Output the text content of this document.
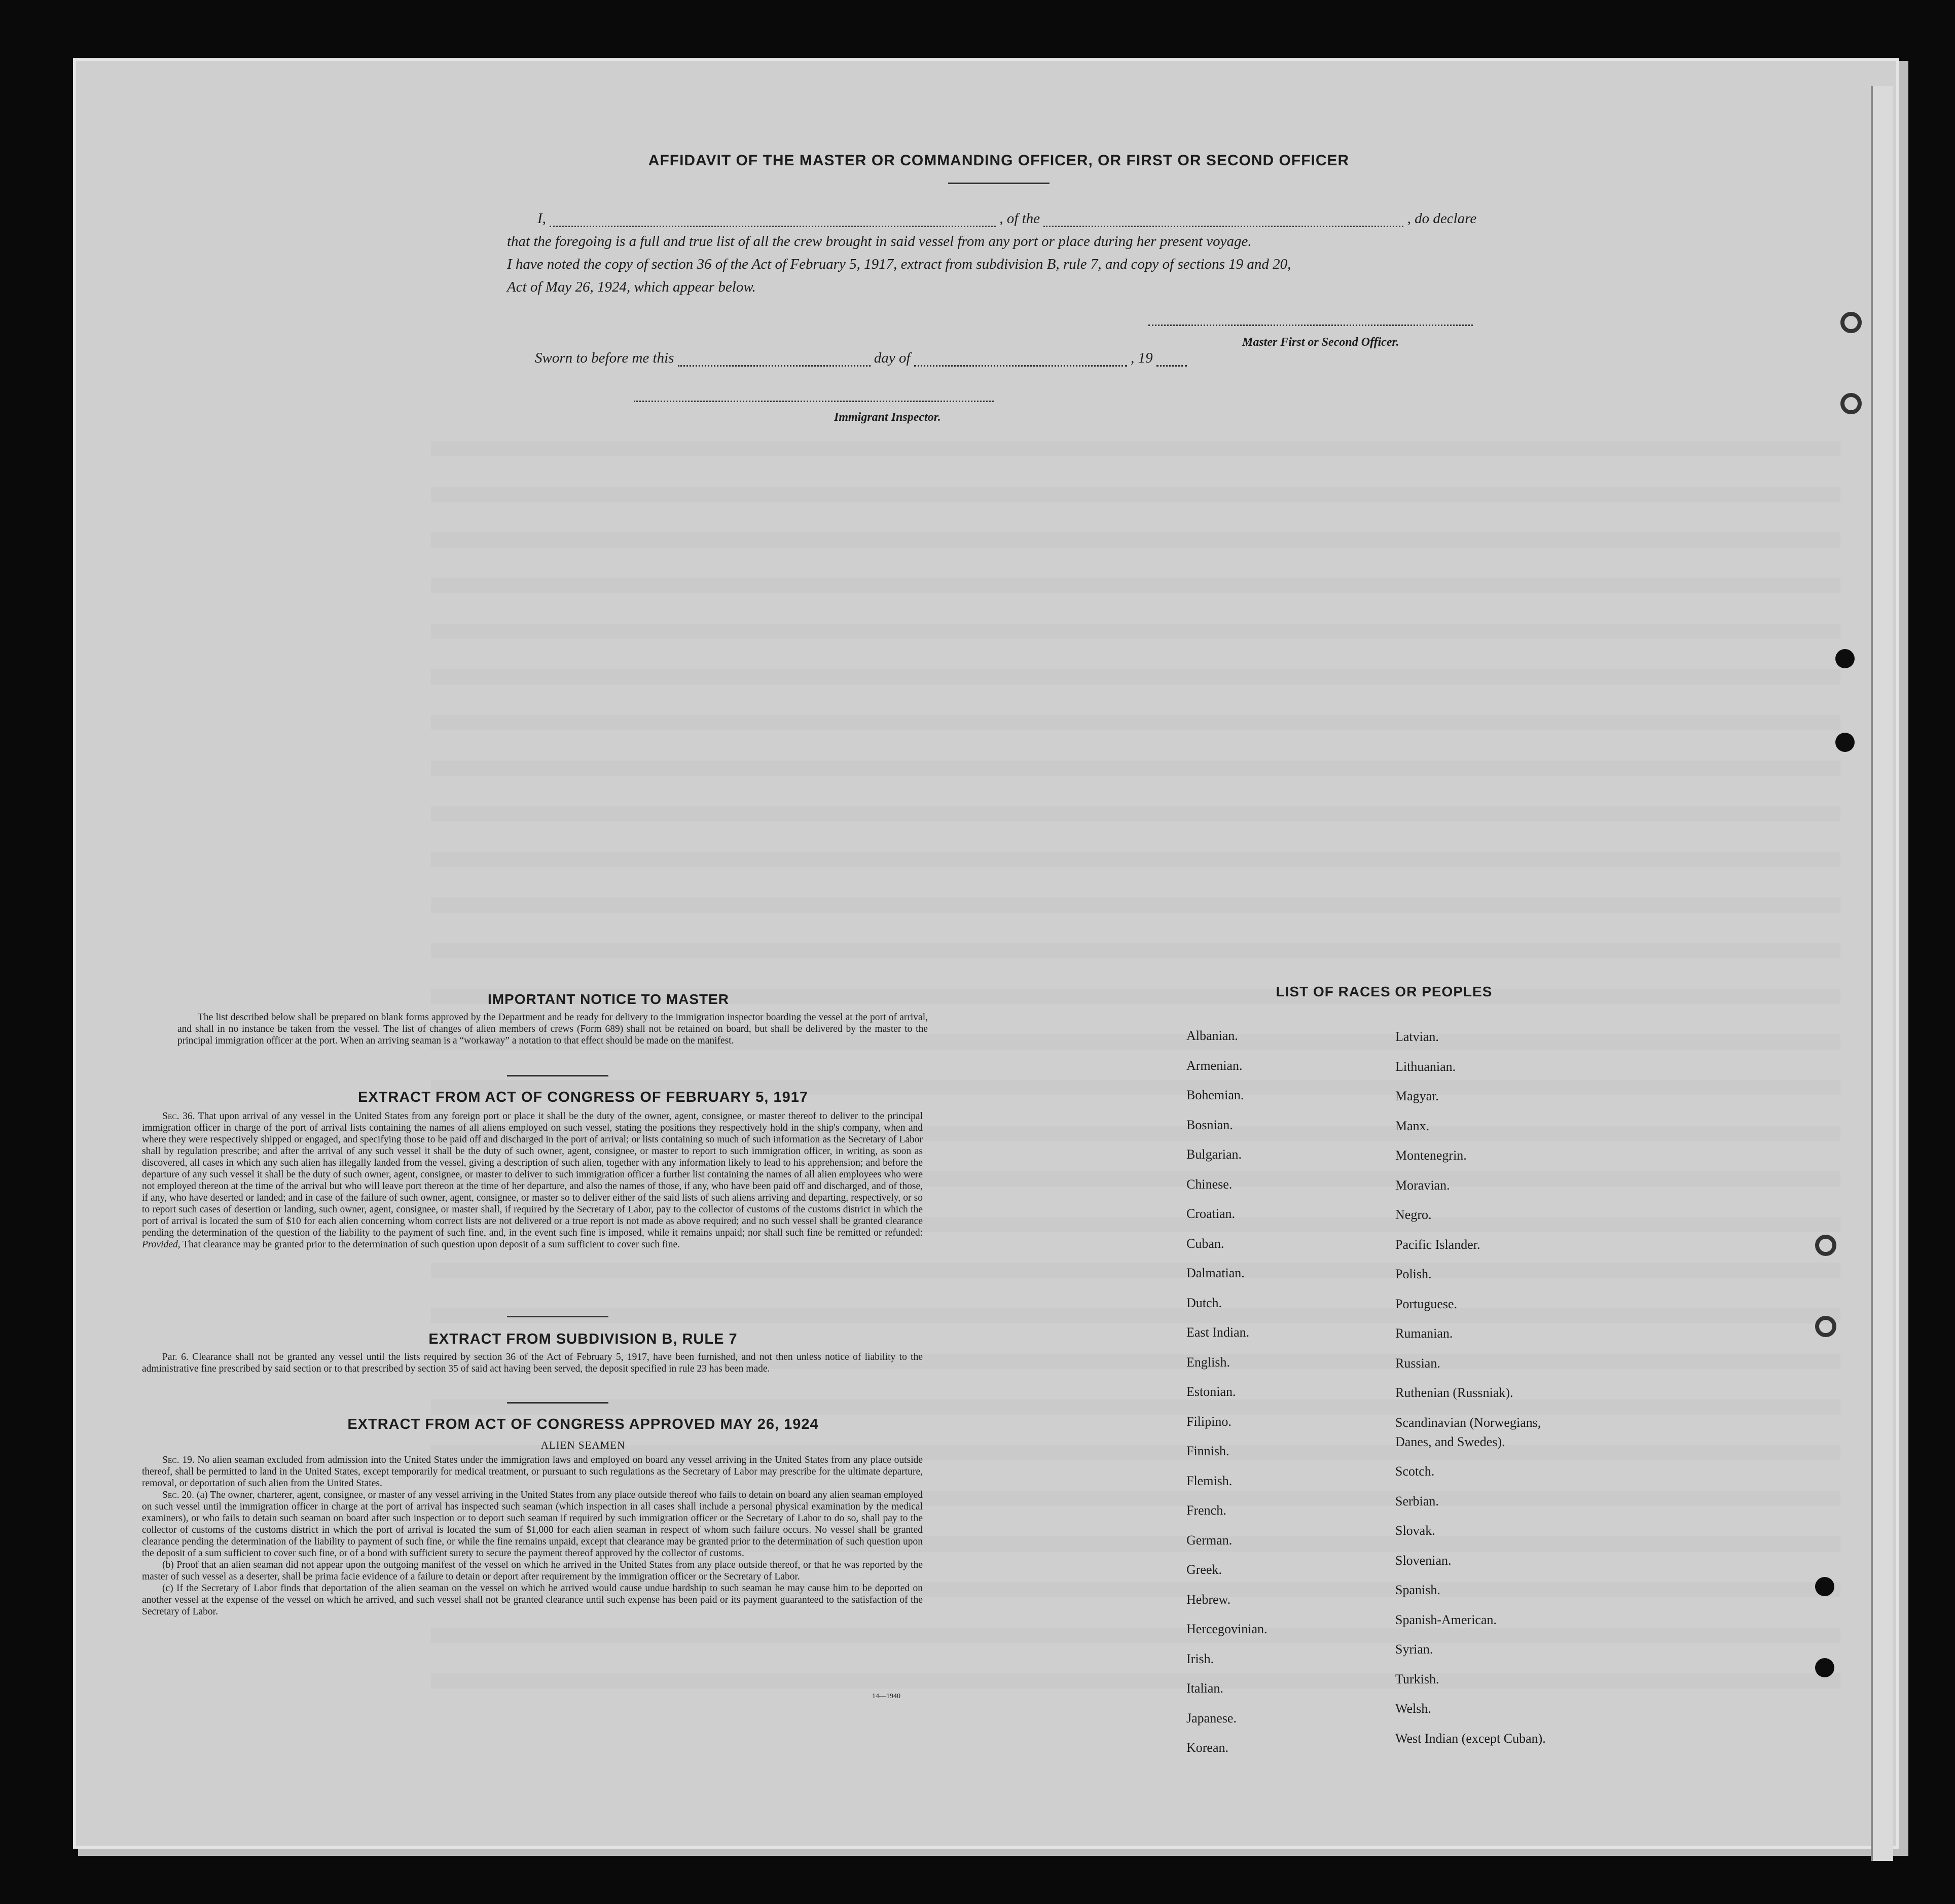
AFFIDAVIT OF THE MASTER OR COMMANDING OFFICER, OR FIRST OR SECOND OFFICER
I,	, of the	, do declare
that the foregoing is a full and true list of all the crew brought in said vessel from any port or place during her present voyage.
I have noted the copy of section 36 of the Act of February 5, 1917, extract from subdivision B, rule 7, and copy of sections 19 and 20,
Act of May 26, 1924, which appear below.
Master First or Second Officer.
Sworn to before me this	day of	, 19
Immigrant Inspector.
IMPORTANT NOTICE TO MASTER
The list described below shall be prepared on blank forms approved by the Department and be ready for delivery to the immigration inspector boarding the vessel at the port of arrival, and shall in no instance be taken from the vessel. The list of changes of alien members of crews (Form 689) shall not be retained on board, but shall be delivered by the master to the principal immigration officer at the port. When an arriving seaman is a “workaway” a notation to that effect should be made on the manifest.
EXTRACT FROM ACT OF CONGRESS OF FEBRUARY 5, 1917
Sec. 36. That upon arrival of any vessel in the United States from any foreign port or place it shall be the duty of the owner, agent, consignee, or master thereof to deliver to the principal immigration officer in charge of the port of arrival lists containing the names of all aliens employed on such vessel, stating the positions they respectively hold in the ship's company, when and where they were respectively shipped or engaged, and specifying those to be paid off and discharged in the port of arrival; or lists containing so much of such information as the Secretary of Labor shall by regulation prescribe; and after the arrival of any such vessel it shall be the duty of such owner, agent, consignee, or master to report to such immigration officer, in writing, as soon as discovered, all cases in which any such alien has illegally landed from the vessel, giving a description of such alien, together with any information likely to lead to his apprehension; and before the departure of any such vessel it shall be the duty of such owner, agent, consignee, or master to deliver to such immigration officer a further list containing the names of all alien employees who were not employed thereon at the time of the arrival but who will leave port thereon at the time of her departure, and also the names of those, if any, who have been paid off and discharged, and of those, if any, who have deserted or landed; and in case of the failure of such owner, agent, consignee, or master so to deliver either of the said lists of such aliens arriving and departing, respectively, or so to report such cases of desertion or landing, such owner, agent, consignee, or master shall, if required by the Secretary of Labor, pay to the collector of customs of the customs district in which the port of arrival is located the sum of $10 for each alien concerning whom correct lists are not delivered or a true report is not made as above required; and no such vessel shall be granted clearance pending the determination of the question of the liability to the payment of such fine, and, in the event such fine is imposed, while it remains unpaid; nor shall such fine be remitted or refunded: Provided, That clearance may be granted prior to the determination of such question upon deposit of a sum sufficient to cover such fine.
EXTRACT FROM SUBDIVISION B, RULE 7
Par. 6. Clearance shall not be granted any vessel until the lists required by section 36 of the Act of February 5, 1917, have been furnished, and not then unless notice of liability to the administrative fine prescribed by said section or to that prescribed by section 35 of said act having been served, the deposit specified in rule 23 has been made.
EXTRACT FROM ACT OF CONGRESS APPROVED MAY 26, 1924
ALIEN SEAMEN
Sec. 19. No alien seaman excluded from admission into the United States under the immigration laws and employed on board any vessel arriving in the United States from any place outside thereof, shall be permitted to land in the United States, except temporarily for medical treatment, or pursuant to such regulations as the Secretary of Labor may prescribe for the ultimate departure, removal, or deportation of such alien from the United States.
Sec. 20. (a) The owner, charterer, agent, consignee, or master of any vessel arriving in the United States from any place outside thereof who fails to detain on board any alien seaman employed on such vessel until the immigration officer in charge at the port of arrival has inspected such seaman (which inspection in all cases shall include a personal physical examination by the medical examiners), or who fails to detain such seaman on board after such inspection or to deport such seaman if required by such immigration officer or the Secretary of Labor to do so, shall pay to the collector of customs of the customs district in which the port of arrival is located the sum of $1,000 for each alien seaman in respect of whom such failure occurs. No vessel shall be granted clearance pending the determination of the liability to payment of such fine, or while the fine remains unpaid, except that clearance may be granted prior to the determination of such question upon the deposit of a sum sufficient to cover such fine, or of a bond with sufficient surety to secure the payment thereof approved by the collector of customs.
(b) Proof that an alien seaman did not appear upon the outgoing manifest of the vessel on which he arrived in the United States from any place outside thereof, or that he was reported by the master of such vessel as a deserter, shall be prima facie evidence of a failure to detain or deport after requirement by the immigration officer or the Secretary of Labor.
(c) If the Secretary of Labor finds that deportation of the alien seaman on the vessel on which he arrived would cause undue hardship to such seaman he may cause him to be deported on another vessel at the expense of the vessel on which he arrived, and such vessel shall not be granted clearance until such expense has been paid or its payment guaranteed to the satisfaction of the Secretary of Labor.
14—1940
LIST OF RACES OR PEOPLES
Albanian.
Armenian.
Bohemian.
Bosnian.
Bulgarian.
Chinese.
Croatian.
Cuban.
Dalmatian.
Dutch.
East Indian.
English.
Estonian.
Filipino.
Finnish.
Flemish.
French.
German.
Greek.
Hebrew.
Hercegovinian.
Irish.
Italian.
Japanese.
Korean.
Latvian.
Lithuanian.
Magyar.
Manx.
Montenegrin.
Moravian.
Negro.
Pacific Islander.
Polish.
Portuguese.
Rumanian.
Russian.
Ruthenian (Russniak).
Scandinavian (Norwegians,
Danes, and Swedes).
Scotch.
Serbian.
Slovak.
Slovenian.
Spanish.
Spanish-American.
Syrian.
Turkish.
Welsh.
West Indian (except Cuban).
